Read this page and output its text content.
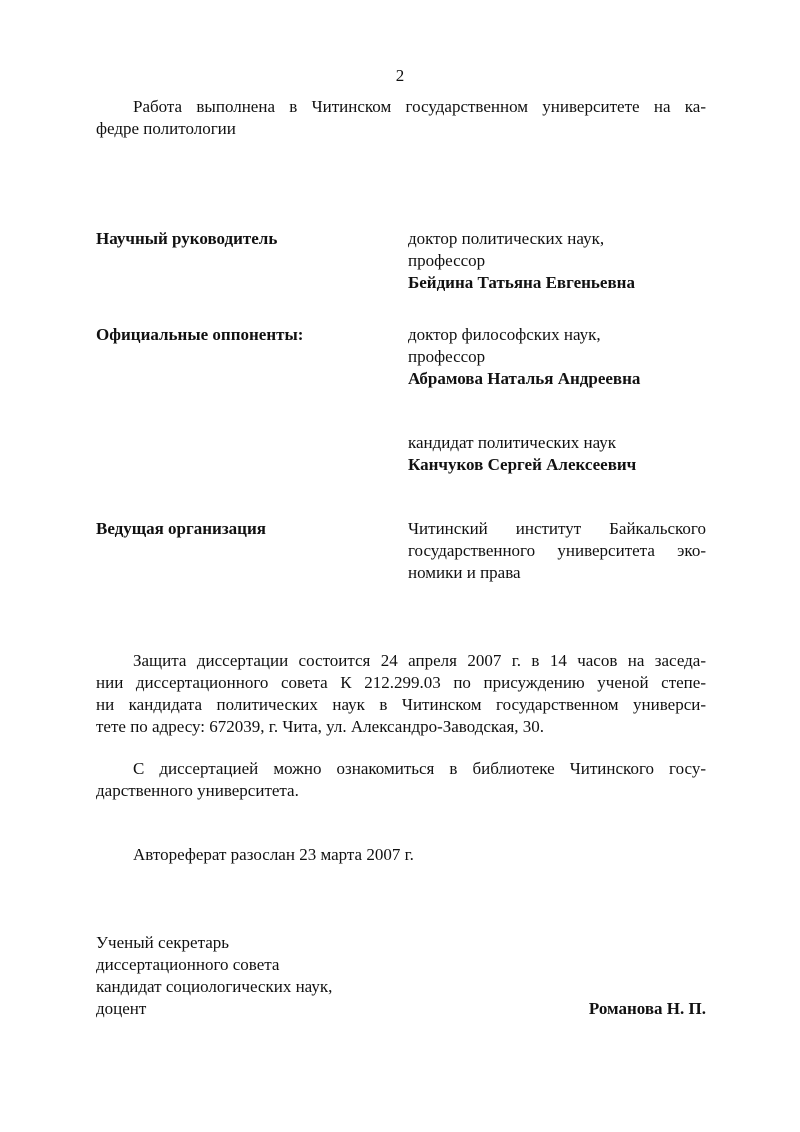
2
Работа выполнена в Читинском государственном университете на ка-
федре политологии
Научный руководитель	доктор политических наук,
профессор
Бейдина Татьяна Евгеньевна
Официальные оппоненты:	доктор философских наук,
профессор
Абрамова Наталья Андреевна
кандидат политических наук
Канчуков Сергей Алексеевич
Ведущая организация	Читинский институт Байкальского
государственного университета эко-
номики и права
Защита диссертации состоится 24 апреля 2007 г. в 14 часов на заседа-
нии диссертационного совета К 212.299.03 по присуждению ученой степе-
ни кандидата политических наук в Читинском государственном универси-
тете по адресу: 672039, г. Чита, ул. Александро-Заводская, 30.
С диссертацией можно ознакомиться в библиотеке Читинского госу-
дарственного университета.
Автореферат разослан 23 марта 2007 г.
Ученый секретарь
диссертационного совета
кандидат социологических наук,
доцент	Романова Н. П.
